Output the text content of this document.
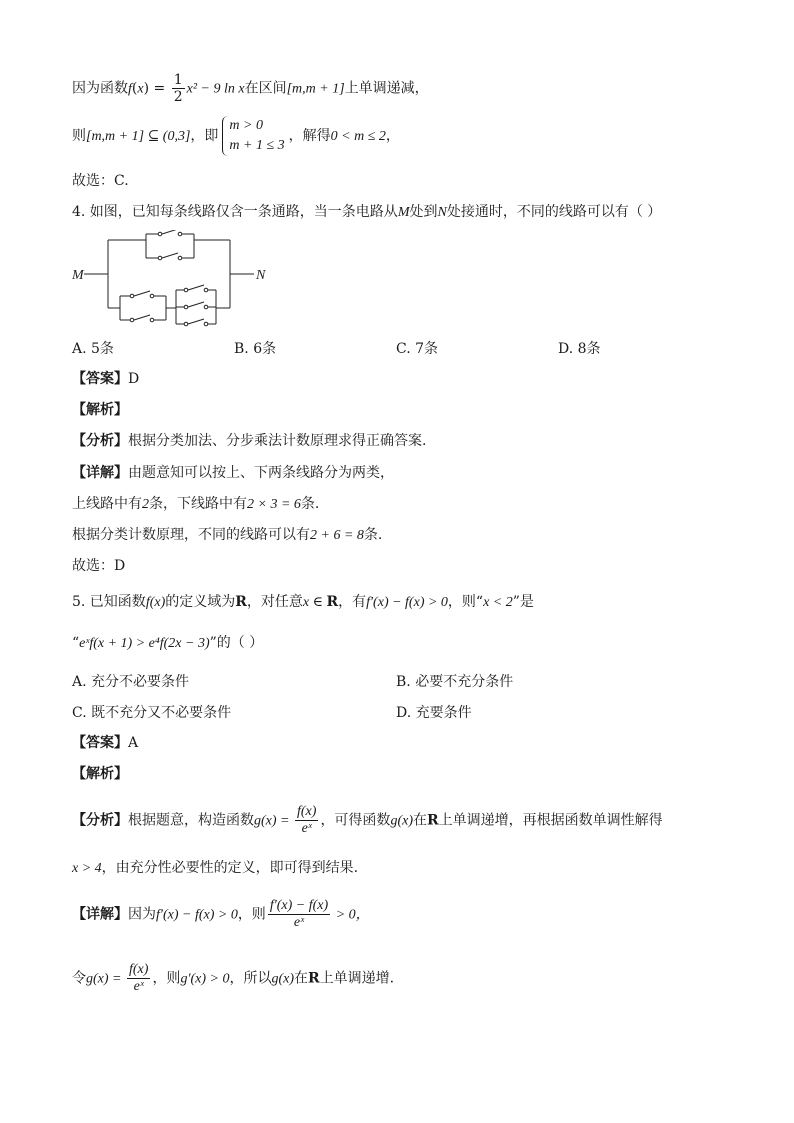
因为函数$f(x) = \frac{1}{2} x^2 - 9$ ln x在区间[m,m + 1]上单调递减，
则[m,m + 1] ⊆ (0,3]，即
m > 0
m + 1 ≤ 3
，解得0 < m ≤ 2，
故选：C.
4. 如图，已知每条线路仅含一条通路，当一条电路从M处到N处接通时，不同的线路可以有（ ）
M	N
A. 5条	B. 6条	C. 7条	D. 8条
【答案】D
【解析】
【分析】根据分类加法、分步乘法计数原理求得正确答案.
【详解】由题意知可以按上、下两条线路分为两类，
上线路中有2条，下线路中有2 × 3 = 6条.
根据分类计数原理，不同的线路可以有2 + 6 = 8条.
故选：D
5. 已知函数f(x)的定义域为R，对任意x ∈ R，有f′(x) − f(x) > 0，则“x < 2”是
“eˣf(x + 1) > e⁴f(2x − 3)”的（ ）
A. 充分不必要条件	B. 必要不充分条件
C. 既不充分又不必要条件	D. 充要条件
【答案】A
【解析】
【分析】根据题意，构造函数$g(x) = \frac{f(x)}{\text{eˣ}}$ ，可得函数g(x)在R上单调递增，再根据函数单调性解得
x > 4，由充分性必要性的定义，即可得到结果.
【详解】因为f′(x) − f(x) > 0，则 $\frac{f'(x) - f(x)}{\text{eˣ}} > 0$，
令$g(x) = \frac{f(x)}{\text{eˣ}}$ ，则g′(x) > 0，所以g(x)在R上单调递增.
